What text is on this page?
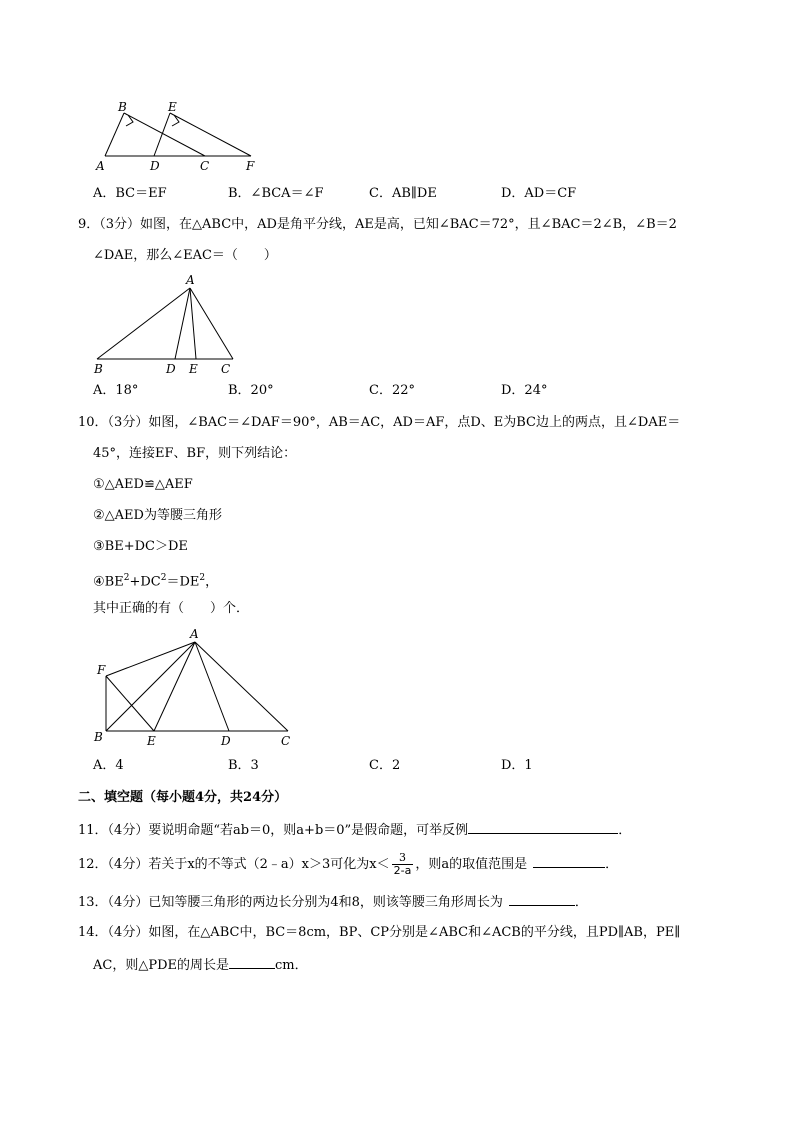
B	E
A	D	C	F
A．BC＝EF	B．∠BCA＝∠F	C．AB∥DE	D．AD＝CF
9．（3分）如图，在△ABC中，AD是角平分线，AE是高，已知∠BAC＝72°，且∠BAC＝2∠B，∠B＝2
∠DAE，那么∠EAC＝（　　）
A
B	D E C
A．18°	B．20°	C．22°	D．24°
10．（3分）如图，∠BAC＝∠DAF＝90°，AB＝AC，AD＝AF，点D、E为BC边上的两点，且∠DAE＝
45°，连接EF、BF，则下列结论：
①△AED≌△AEF
②△AED为等腰三角形
③BE+DC＞DE
$④BE^2+DC^2=DE^2$，
其中正确的有（　　）个．
A
F
B	E	D	C
A．4	B．3	C．2	D．1
二、填空题（每小题4分，共24分）
11．（4分）要说明命题“若ab＝0，则a+b＝0”是假命题，可举反例	．
12．（4分）若关于x的不等式（2﹣a）x＞3可化为$x< \frac{3}{2-a}$ ，则a的取值范围是	．
13．（4分）已知等腰三角形的两边长分别为4和8，则该等腰三角形周长为	．
14．（4分）如图，在△ABC中，BC＝8cm，BP、CP分别是∠ABC和∠ACB的平分线，且PD∥AB，PE∥
AC，则△PDE的周长是	cm．
